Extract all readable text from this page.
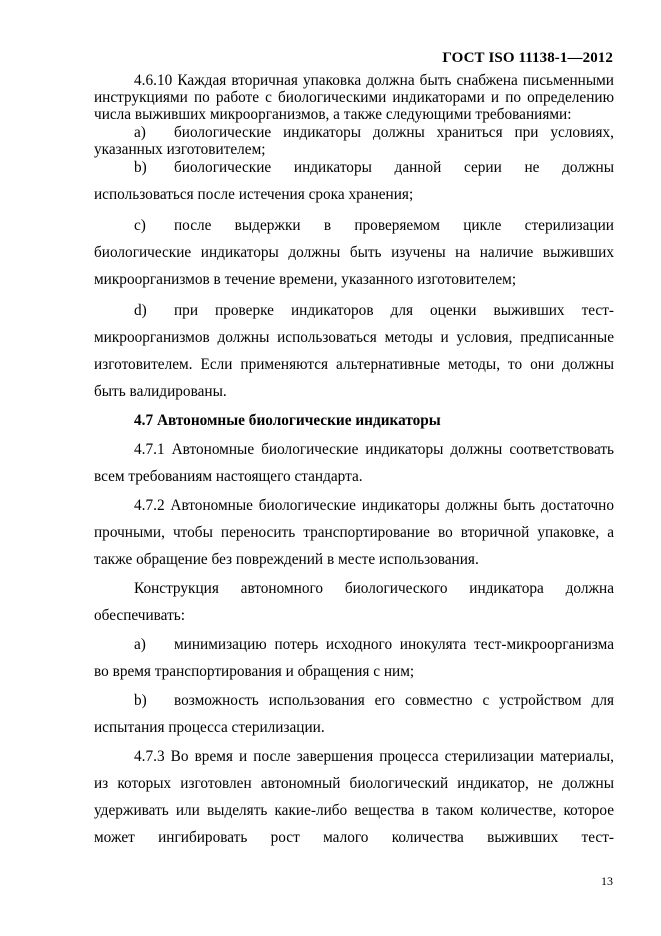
ГОСТ ISO 11138-1—2012

4.6.10 Каждая вторичная упаковка должна быть снабжена письменными инструкциями по работе с биологическими индикаторами и по определению числа выживших микроорганизмов, а также следующими требованиями:

a) биологические индикаторы должны храниться при условиях, указанных изготовителем;

b) биологические индикаторы данной серии не должны использоваться после истечения срока хранения;

c) после выдержки в проверяемом цикле стерилизации биологические индикаторы должны быть изучены на наличие выживших микроорганизмов в течение времени, указанного изготовителем;

d) при проверке индикаторов для оценки выживших тест-микроорганизмов должны использоваться методы и условия, предписанные изготовителем. Если применяются альтернативные методы, то они должны быть валидированы.

4.7 Автономные биологические индикаторы

4.7.1 Автономные биологические индикаторы должны соответствовать всем требованиям настоящего стандарта.

4.7.2 Автономные биологические индикаторы должны быть достаточно прочными, чтобы переносить транспортирование во вторичной упаковке, а также обращение без повреждений в месте использования.

Конструкция автономного биологического индикатора должна обеспечивать:

a) минимизацию потерь исходного инокулята тест-микроорганизма во время транспортирования и обращения с ним;

b) возможность использования его совместно с устройством для испытания процесса стерилизации.

4.7.3 Во время и после завершения процесса стерилизации материалы, из которых изготовлен автономный биологический индикатор, не должны удерживать или выделять какие-либо вещества в таком количестве, которое может ингибировать рост малого количества выживших тест-

13
